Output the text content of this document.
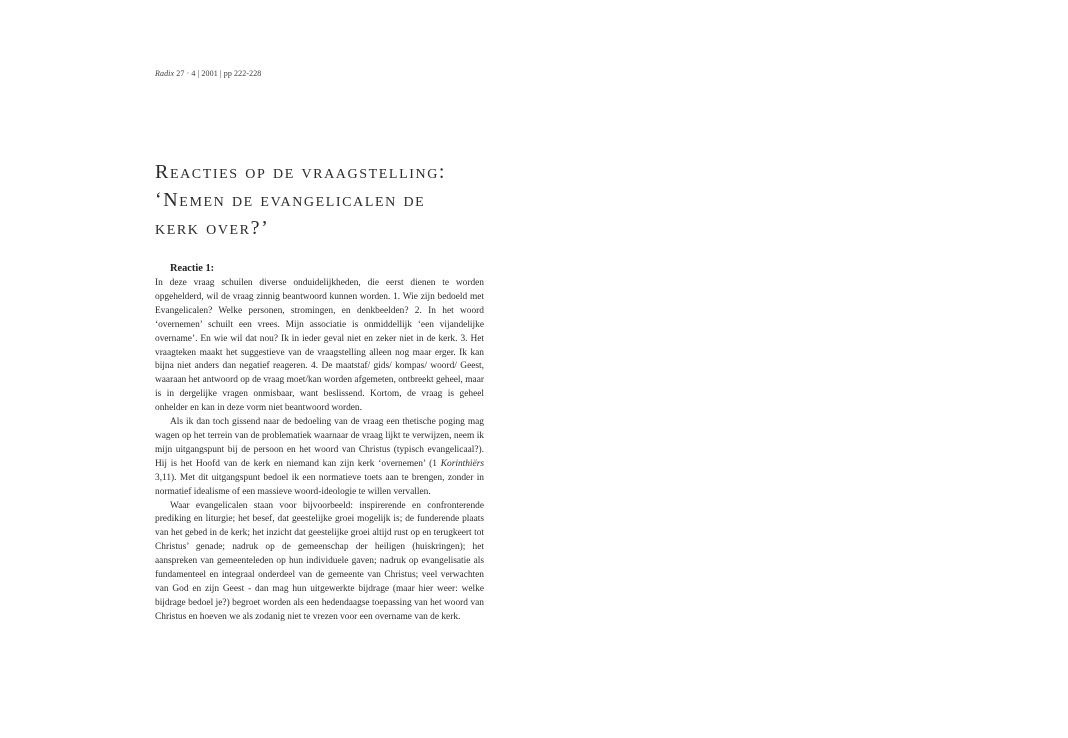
Radix 27 · 4 | 2001 | pp 222-228
Reacties op de vraagstelling:
‘Nemen de evangelicalen de
kerk over?’

Reactie 1:

In deze vraag schuilen diverse onduidelijkheden, die eerst dienen te worden opgehelderd, wil de vraag zinnig beantwoord kunnen worden. 1. Wie zijn bedoeld met Evangelicalen? Welke personen, stromingen, en denkbeelden? 2. In het woord ‘overnemen’ schuilt een vrees. Mijn associatie is onmiddellijk ‘een vijandelijke overname’. En wie wil dat nou? Ik in ieder geval niet en zeker niet in de kerk. 3. Het vraagteken maakt het suggestieve van de vraagstelling alleen nog maar erger. Ik kan bijna niet anders dan negatief reageren. 4. De maatstaf/ gids/ kompas/ woord/ Geest, waaraan het antwoord op de vraag moet/kan worden afgemeten, ontbreekt geheel, maar is in dergelijke vragen onmisbaar, want beslissend. Kortom, de vraag is geheel onhelder en kan in deze vorm niet beantwoord worden.

Als ik dan toch gissend naar de bedoeling van de vraag een thetische poging mag wagen op het terrein van de problematiek waarnaar de vraag lijkt te verwijzen, neem ik mijn uitgangspunt bij de persoon en het woord van Christus (typisch evangelicaal?). Hij is het Hoofd van de kerk en niemand kan zijn kerk ‘overnemen’ (1 Korinthiërs 3,11). Met dit uitgangspunt bedoel ik een normatieve toets aan te brengen, zonder in normatief idealisme of een massieve woord-ideologie te willen vervallen.

Waar evangelicalen staan voor bijvoorbeeld: inspirerende en confronterende prediking en liturgie; het besef, dat geestelijke groei mogelijk is; de funderende plaats van het gebed in de kerk; het inzicht dat geestelijke groei altijd rust op en terugkeert tot Christus’ genade; nadruk op de gemeenschap der heiligen (huiskringen); het aanspreken van gemeenteleden op hun individuele gaven; nadruk op evangelisatie als fundamenteel en integraal onderdeel van de gemeente van Christus; veel verwachten van God en zijn Geest - dan mag hun uitgewerkte bijdrage (maar hier weer: welke bijdrage bedoel je?) begroet worden als een hedendaagse toepassing van het woord van Christus en hoeven we als zodanig niet te vrezen voor een overname van de kerk.
